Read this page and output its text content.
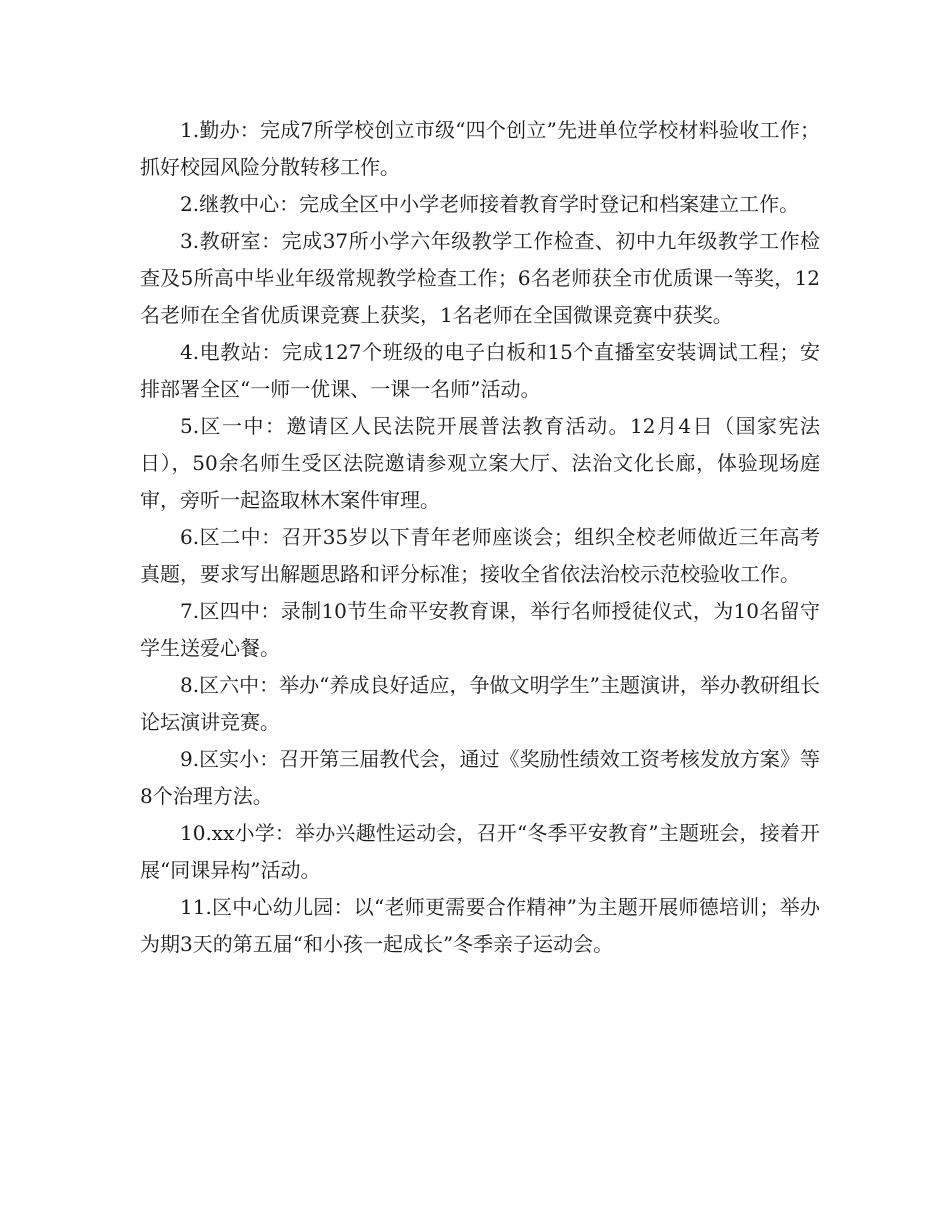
1.勤办：完成7所学校创立市级“四个创立”先进单位学校材料验收工作；抓好校园风险分散转移工作。

2.继教中心：完成全区中小学老师接着教育学时登记和档案建立工作。

3.教研室：完成37所小学六年级教学工作检查、初中九年级教学工作检查及5所高中毕业年级常规教学检查工作；6名老师获全市优质课一等奖，12名老师在全省优质课竞赛上获奖，1名老师在全国微课竞赛中获奖。

4.电教站：完成127个班级的电子白板和15个直播室安装调试工程；安排部署全区“一师一优课、一课一名师”活动。

5.区一中：邀请区人民法院开展普法教育活动。12月4日（国家宪法日），50余名师生受区法院邀请参观立案大厅、法治文化长廊，体验现场庭审，旁听一起盗取林木案件审理。

6.区二中：召开35岁以下青年老师座谈会；组织全校老师做近三年高考真题，要求写出解题思路和评分标准；接收全省依法治校示范校验收工作。

7.区四中：录制10节生命平安教育课，举行名师授徒仪式，为10名留守学生送爱心餐。

8.区六中：举办“养成良好适应，争做文明学生”主题演讲，举办教研组长论坛演讲竞赛。

9.区实小：召开第三届教代会，通过《奖励性绩效工资考核发放方案》等8个治理方法。

10.xx小学：举办兴趣性运动会，召开“冬季平安教育”主题班会，接着开展“同课异构”活动。

11.区中心幼儿园：以“老师更需要合作精神”为主题开展师德培训；举办为期3天的第五届“和小孩一起成长”冬季亲子运动会。
